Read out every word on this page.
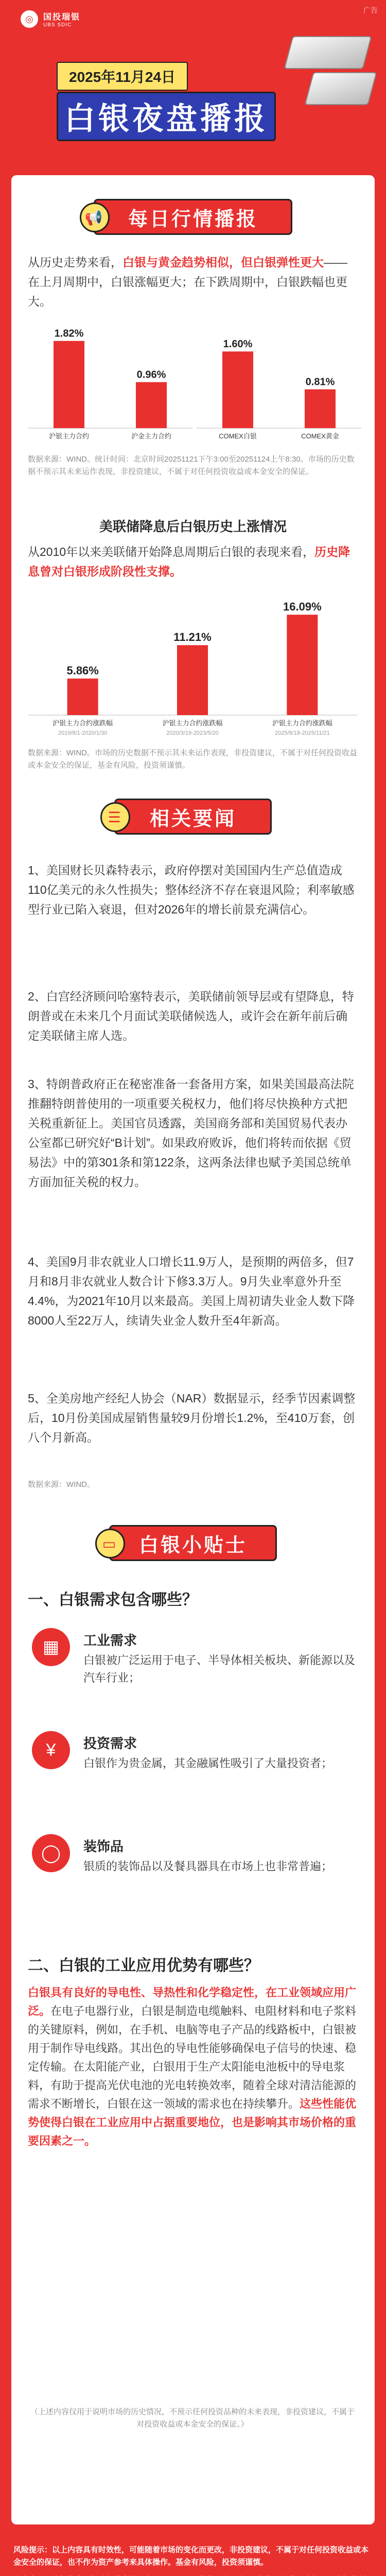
◎	国投瑞银
UBS SDIC
广告
2025年11月24日
白银夜盘播报
📢 每日行情播报
从历史走势来看，白银与黄金趋势相似，但白银弹性更大——在上月周期中，白银涨幅更大；在下跌周期中，白银跌幅也更大。
1.82%
沪银主力合约
0.96%
沪金主力合约
1.60%
COMEX白银
0.81%
COMEX黄金
数据来源：WIND。统计时间：北京时间20251121下午3:00至20251124上午8:30。市场的历史数据不预示其未来运作表现，非投资建议，不属于对任何投资收益或本金安全的保证。
美联储降息后白银历史上涨情况
从2010年以来美联储开始降息周期后白银的表现来看，历史降息曾对白银形成阶段性支撑。
5.86%
沪银主力合约涨跌幅
2019/8/1-2020/1/30
11.21%
沪银主力合约涨跌幅
2020/3/19-2023/5/20
16.09%
沪银主力合约涨跌幅
2025/8/18-2025/11/21
数据来源：WIND。市场的历史数据不预示其未来运作表现，非投资建议，不属于对任何投资收益或本金安全的保证，基金有风险，投资须谨慎。
☰	相关要闻
1、美国财长贝森特表示，政府停摆对美国国内生产总值造成110亿美元的永久性损失；整体经济不存在衰退风险；利率敏感型行业已陷入衰退，但对2026年的增长前景充满信心。
2、白宫经济顾问哈塞特表示，美联储前领导层或有望降息，特朗普或在未来几个月面试美联储候选人，或许会在新年前后确定美联储主席人选。
3、特朗普政府正在秘密准备一套备用方案，如果美国最高法院推翻特朗普使用的一项重要关税权力，他们将尽快换种方式把关税重新征上。美国官员透露，美国商务部和美国贸易代表办公室都已研究好“B计划”。如果政府败诉，他们将转而依据《贸易法》中的第301条和第122条，这两条法律也赋予美国总统单方面加征关税的权力。
4、美国9月非农就业人口增长11.9万人，是预期的两倍多，但7月和8月非农就业人数合计下修3.3万人。9月失业率意外升至4.4%，为2021年10月以来最高。美国上周初请失业金人数下降8000人至22万人，续请失业金人数升至4年新高。
5、全美房地产经纪人协会（NAR）数据显示，经季节因素调整后，10月份美国成屋销售量较9月份增长1.2%，至410万套，创八个月新高。
数据来源：WIND。
▭	白银小贴士
一、白银需求包含哪些？
▦	工业需求
白银被广泛运用于电子、半导体相关板块、新能源以及汽车行业；
¥	投资需求
白银作为贵金属，其金融属性吸引了大量投资者；
◯	装饰品
银质的装饰品以及餐具器具在市场上也非常普遍；
二、白银的工业应用优势有哪些？
白银具有良好的导电性、导热性和化学稳定性，在工业领域应用广泛。在电子电器行业，白银是制造电缆触料、电阻材料和电子浆料的关键原料，例如，在手机、电脑等电子产品的线路板中，白银被用于制作导电线路。其出色的导电性能够确保电子信号的快速、稳定传输。在太阳能产业，白银用于生产太阳能电池板中的导电浆料，有助于提高光伏电池的光电转换效率，随着全球对清洁能源的需求不断增长，白银在这一领域的需求也在持续攀升。这些性能优势使得白银在工业应用中占据重要地位，也是影响其市场价格的重要因素之一。
（上述内容仅用于说明市场的历史情况，不预示任何投资品种的未来表现，非投资建议，不属于对投资收益或本金安全的保证。）

风险提示：以上内容具有时效性，可能随着市场的变化而更改，非投资建议，不属于对任何投资收益或本金安全的保证，也不作为资产参考来具体操作。基金有风险，投资须谨慎。
